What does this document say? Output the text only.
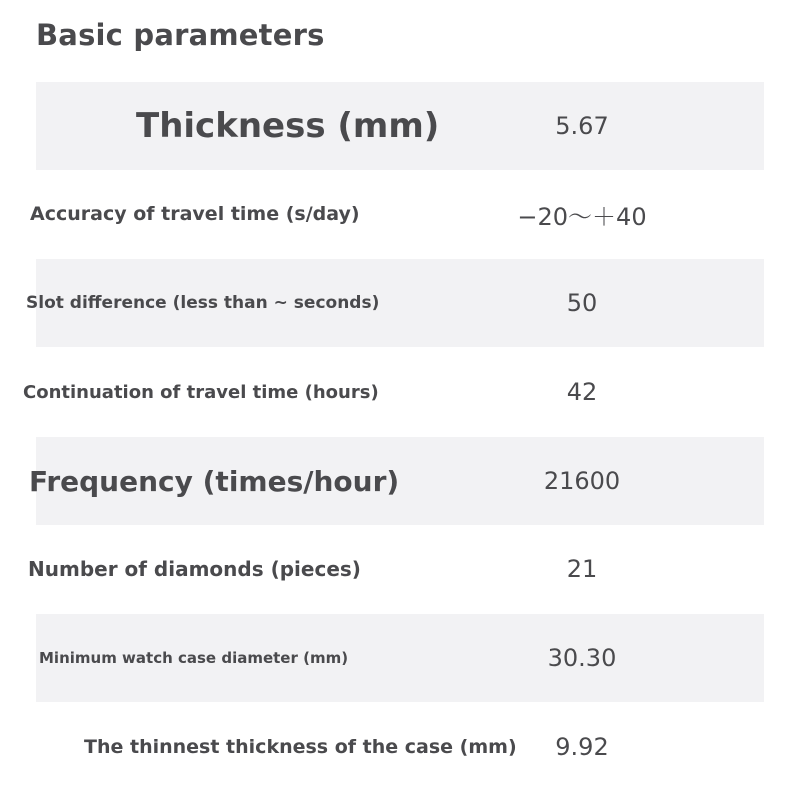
Basic parameters
Thickness (mm)	5.67
Accuracy of travel time (s/day)	−20～＋40
Slot difference (less than ~ seconds)	50
Continuation of travel time (hours)	42
Frequency (times/hour)	21600
Number of diamonds (pieces)	21
Minimum watch case diameter (mm)	30.30
The thinnest thickness of the case (mm) 9.92
